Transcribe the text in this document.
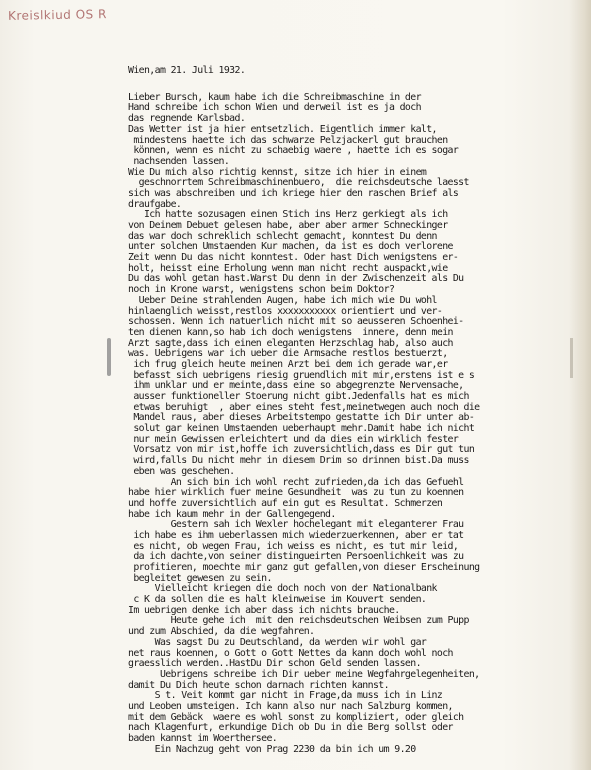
Kreislkiud OS R

Wien,am 21. Juli 1932.

Lieber Bursch, kaum habe ich die Schreibmaschine in der
Hand schreibe ich schon Wien und derweil ist es ja doch
das regnende Karlsbad.
Das Wetter ist ja hier entsetzlich. Eigentlich immer kalt,
mindestens haette ich das schwarze Pelzjackerl gut brauchen
können, wenn es nicht zu schaebig waere , haette ich es sogar
nachsenden lassen.
Wie Du mich also richtig kennst, sitze ich hier in einem
geschnorrtem Schreibmaschinenbuero,  die reichsdeutsche laesst
sich was abschreiben und ich kriege hier den raschen Brief als
draufgabe.
Ich hatte sozusagen einen Stich ins Herz gerkiegt als ich
von Deinem Debuet gelesen habe, aber aber armer Schneckinger
das war doch schreklich schlecht gemacht, konntest Du denn
unter solchen Umstaenden Kur machen, da ist es doch verlorene
Zeit wenn Du das nicht konntest. Oder hast Dich wenigstens er-
holt, heisst eine Erholung wenn man nicht recht auspackt,wie
Du das wohl getan hast.Warst Du denn in der Zwischenzeit als Du
noch in Krone warst, wenigstens schon beim Doktor?
Ueber Deine strahlenden Augen, habe ich mich wie Du wohl
hinlaenglich weisst,restlos xxxxxxxxxxx orientiert und ver-
schossen. Wenn ich natuerlich nicht mit so aeusseren Schoenhei-
ten dienen kann,so hab ich doch wenigstens  innere, denn mein
Arzt sagte,dass ich einen eleganten Herzschlag hab, also auch
was. Uebrigens war ich ueber die Armsache restlos bestuerzt,
ich frug gleich heute meinen Arzt bei dem ich gerade war,er
befasst sich uebrigens riesig gruendlich mit mir,erstens ist e s
ihm unklar und er meinte,dass eine so abgegrenzte Nervensache,
ausser funktioneller Stoerung nicht gibt.Jedenfalls hat es mich
etwas beruhigt  , aber eines steht fest,meinetwegen auch noch die
Mandel raus, aber dieses Arbeitstempo gestatte ich Dir unter ab-
solut gar keinen Umstaenden ueberhaupt mehr.Damit habe ich nicht
nur mein Gewissen erleichtert und da dies ein wirklich fester
Vorsatz von mir ist,hoffe ich zuversichtlich,dass es Dir gut tun
wird,falls Du nicht mehr in diesem Drim so drinnen bist.Da muss
eben was geschehen.
An sich bin ich wohl recht zufrieden,da ich das Gefuehl
habe hier wirklich fuer meine Gesundheit  was zu tun zu koennen
und hoffe zuversichtlich auf ein gut es Resultat. Schmerzen
habe ich kaum mehr in der Gallengegend.
Gestern sah ich Wexler hochelegant mit eleganterer Frau
ich habe es ihm ueberlassen mich wiederzuerkennen, aber er tat
es nicht, ob wegen Frau, ich weiss es nicht, es tut mir leid,
da ich dachte,von seiner distingueirten Persoenlichkeit was zu
profitieren, moechte mir ganz gut gefallen,von dieser Erscheinung
begleitet gewesen zu sein.
Vielleicht kriegen die doch noch von der Nationalbank
c K da sollen die es halt kleinweise im Kouvert senden.
Im uebrigen denke ich aber dass ich nichts brauche.
Heute gehe ich  mit den reichsdeutschen Weibsen zum Pupp
und zum Abschied, da die wegfahren.
Was sagst Du zu Deutschland, da werden wir wohl gar
net raus koennen, o Gott o Gott Nettes da kann doch wohl noch
graesslich werden..HastDu Dir schon Geld senden lassen.
Uebrigens schreibe ich Dir ueber meine Wegfahrgelegenheiten,
damit Du Dich heute schon darnach richten kannst.
S t. Veit kommt gar nicht in Frage,da muss ich in Linz
und Leoben umsteigen. Ich kann also nur nach Salzburg kommen,
mit dem Gebäck  waere es wohl sonst zu kompliziert, oder gleich
nach Klagenfurt, erkundige Dich ob Du in die Berg sollst oder
baden kannst im Woerthersee.
Ein Nachzug geht von Prag 2230 da bin ich um 9.20
